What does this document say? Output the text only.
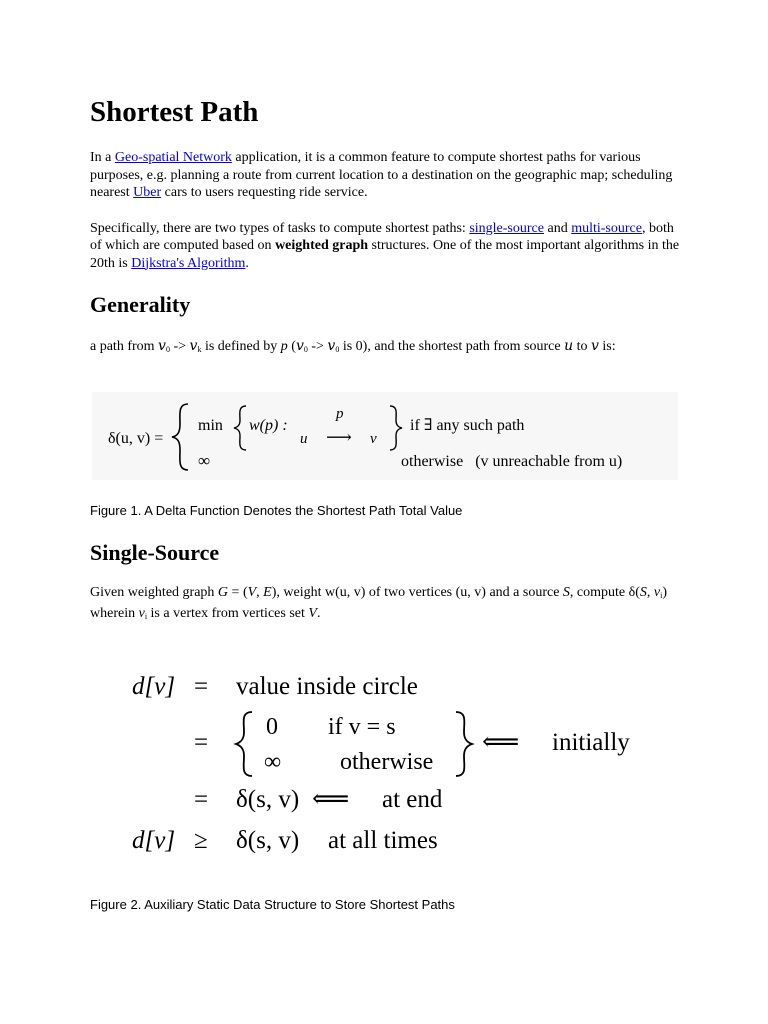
Shortest Path

In a Geo-spatial Network application, it is a common feature to compute shortest paths for various purposes, e.g. planning a route from current location to a destination on the geographic map; scheduling nearest Uber cars to users requesting ride service.

Specifically, there are two types of tasks to compute shortest paths: single-source and multi-source, both of which are computed based on weighted graph structures. One of the most important algorithms in the 20th is Dijkstra's Algorithm.

Generality

a path from $v_0 -> v_k$ is defined by p ($v_0 -> v_0$ is 0), and the shortest path from source u to v is:

δ(u, v) =
min w(p) :
p
u ⟶ v
if ∃ any such path
∞	otherwise   (v unreachable from u)
Figure 1. A Delta Function Denotes the Shortest Path Total Value
Single-Source

Given weighted graph G = (V, E), weight w(u, v) of two vertices (u, v) and a source S, compute δ(S, $v_i$) wherein $v_i$ is a vertex from vertices set V.

d[v] = value inside circle
=
0 if v = s
∞ otherwise
⟸ initially
= δ(s, v) ⟸ at end
d[v] ≥ δ(s, v) at all times
Figure 2. Auxiliary Static Data Structure to Store Shortest Paths
